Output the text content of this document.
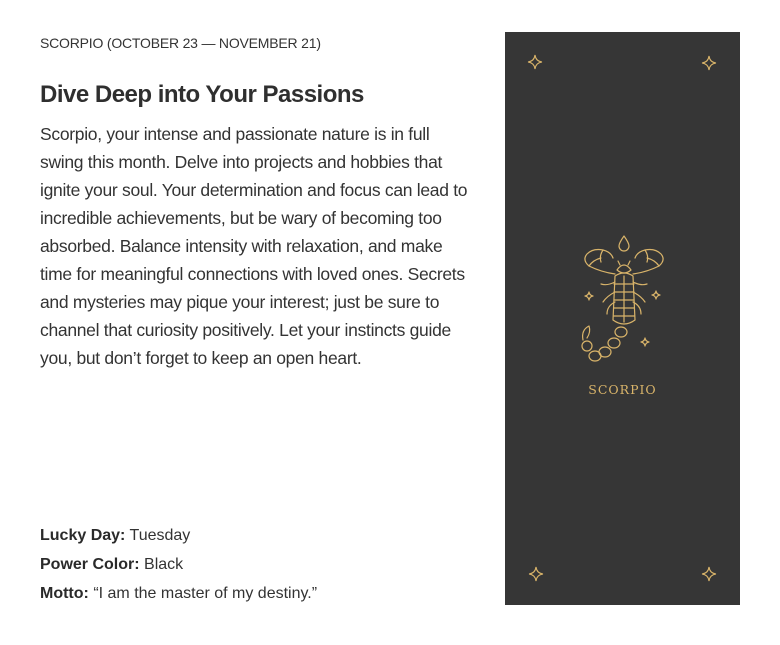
SCORPIO (OCTOBER 23 — NOVEMBER 21)
Dive Deep into Your Passions
Scorpio, your intense and passionate nature is in full swing this month. Delve into projects and hobbies that ignite your soul. Your determination and focus can lead to incredible achievements, but be wary of becoming too absorbed. Balance intensity with relaxation, and make time for meaningful connections with loved ones. Secrets and mysteries may pique your interest; just be sure to channel that curiosity positively. Let your instincts guide you, but don’t forget to keep an open heart.
Lucky Day: Tuesday
Power Color: Black
Motto: “I am the master of my destiny.”
SCORPIO
